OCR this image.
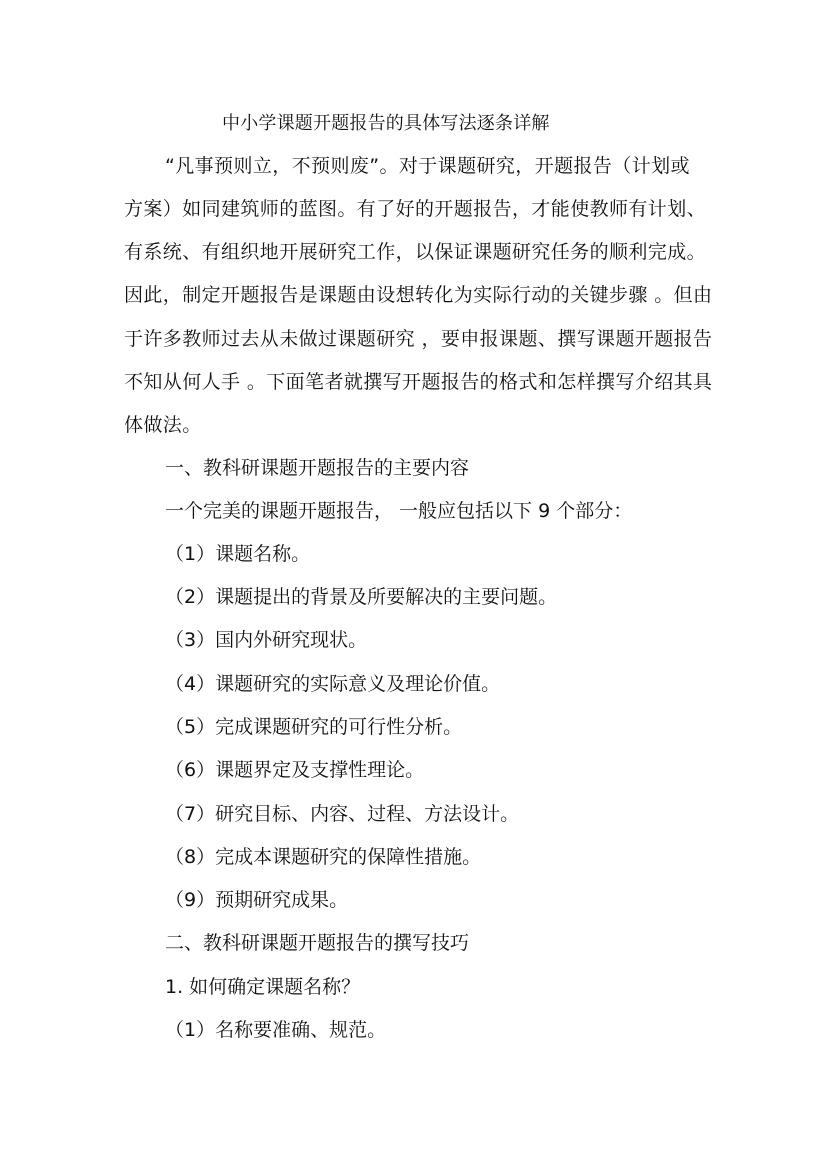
中小学课题开题报告的具体写法逐条详解
“凡事预则立，不预则废”。对于课题研究，开题报告（计划或
方案）如同建筑师的蓝图。有了好的开题报告，才能使教师有计划、
有系统、有组织地开展研究工作，以保证课题研究任务的顺利完成。
因此，制定开题报告是课题由设想转化为实际行动的关键步骤 。但由
于许多教师过去从未做过课题研究 ，要申报课题、撰写课题开题报告
不知从何人手 。下面笔者就撰写开题报告的格式和怎样撰写介绍其具
体做法。
一、教科研课题开题报告的主要内容
一个完美的课题开题报告， 一般应包括以下 9 个部分：
（1）课题名称。
（2）课题提出的背景及所要解决的主要问题。
（3）国内外研究现状。
（4）课题研究的实际意义及理论价值。
（5）完成课题研究的可行性分析。
（6）课题界定及支撑性理论。
（7）研究目标、内容、过程、方法设计。
（8）完成本课题研究的保障性措施。
（9）预期研究成果。
二、教科研课题开题报告的撰写技巧
1. 如何确定课题名称？
（1）名称要准确、规范。
